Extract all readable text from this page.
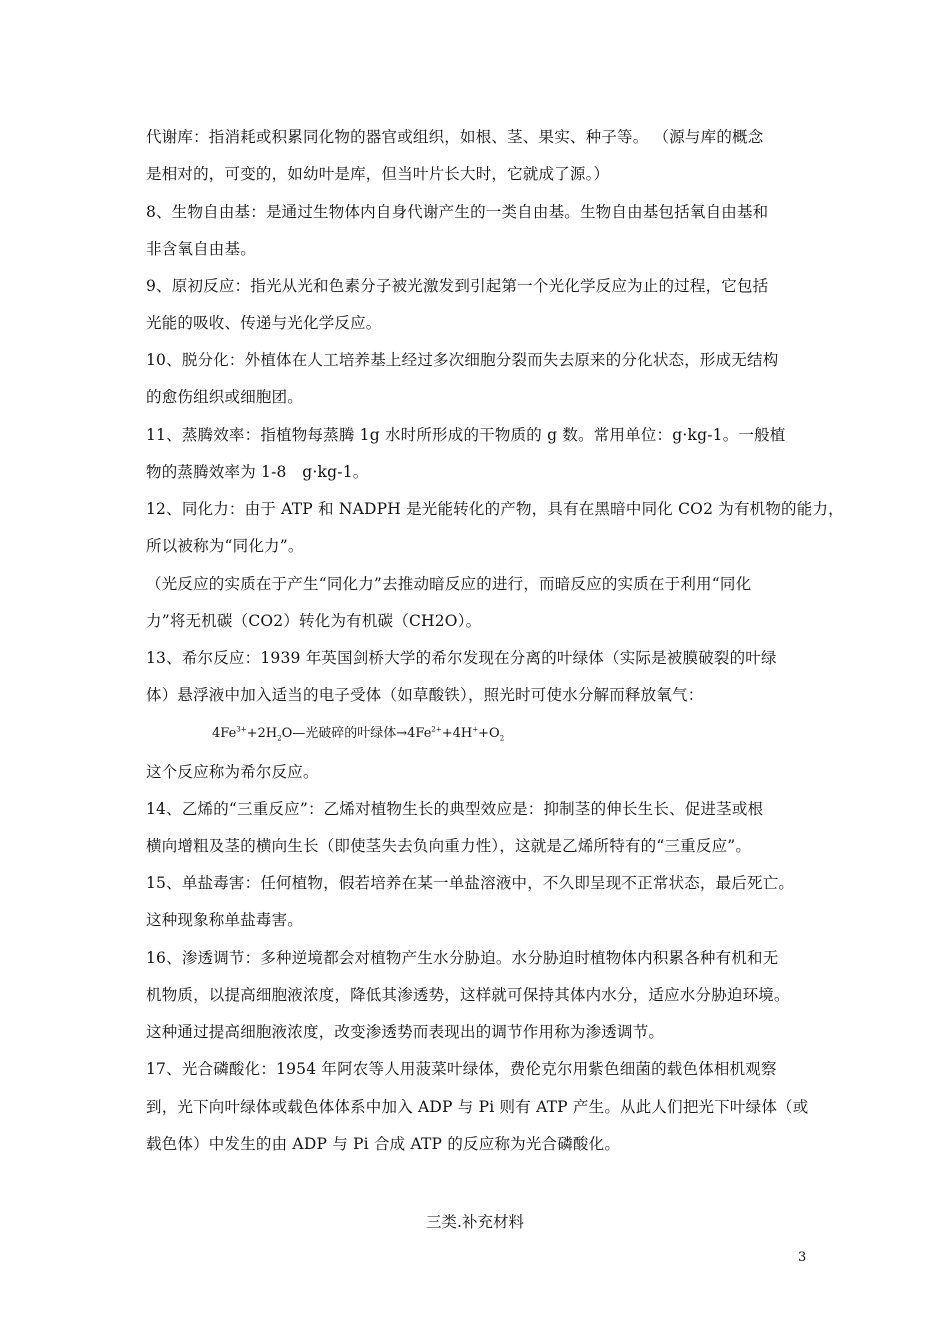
代谢库：指消耗或积累同化物的器官或组织，如根、茎、果实、种子等。 （源与库的概念
是相对的，可变的，如幼叶是库，但当叶片长大时，它就成了源。）
8、生物自由基：是通过生物体内自身代谢产生的一类自由基。生物自由基包括氧自由基和
非含氧自由基。
9、原初反应：指光从光和色素分子被光激发到引起第一个光化学反应为止的过程，它包括
光能的吸收、传递与光化学反应。
10、脱分化：外植体在人工培养基上经过多次细胞分裂而失去原来的分化状态，形成无结构
的愈伤组织或细胞团。
11、蒸腾效率：指植物每蒸腾 1g 水时所形成的干物质的 g 数。常用单位：g·kg-1。一般植
物的蒸腾效率为 1-8　g·kg-1。
12、同化力：由于 ATP 和 NADPH 是光能转化的产物，具有在黑暗中同化 CO2 为有机物的能力，
所以被称为“同化力”。
（光反应的实质在于产生“同化力”去推动暗反应的进行，而暗反应的实质在于利用“同化
力”将无机碳（CO2）转化为有机碳（CH2O）。
13、希尔反应：1939 年英国剑桥大学的希尔发现在分离的叶绿体（实际是被膜破裂的叶绿
体）悬浮液中加入适当的电子受体（如草酸铁），照光时可使水分解而释放氧气：
$4Fe^{3+}+2H_2O—$光破碎的叶绿体$\to 4Fe^{2+}+4H^++O_2$
这个反应称为希尔反应。
14、乙烯的“三重反应”：乙烯对植物生长的典型效应是：抑制茎的伸长生长、促进茎或根
横向增粗及茎的横向生长（即使茎失去负向重力性），这就是乙烯所特有的“三重反应”。
15、单盐毒害：任何植物，假若培养在某一单盐溶液中，不久即呈现不正常状态，最后死亡。
这种现象称单盐毒害。
16、渗透调节：多种逆境都会对植物产生水分胁迫。水分胁迫时植物体内积累各种有机和无
机物质，以提高细胞液浓度，降低其渗透势，这样就可保持其体内水分，适应水分胁迫环境。
这种通过提高细胞液浓度，改变渗透势而表现出的调节作用称为渗透调节。
17、光合磷酸化：1954 年阿农等人用菠菜叶绿体，费伦克尔用紫色细菌的载色体相机观察
到，光下向叶绿体或载色体体系中加入 ADP 与 Pi 则有 ATP 产生。从此人们把光下叶绿体（或
载色体）中发生的由 ADP 与 Pi 合成 ATP 的反应称为光合磷酸化。
三类.补充材料
3
